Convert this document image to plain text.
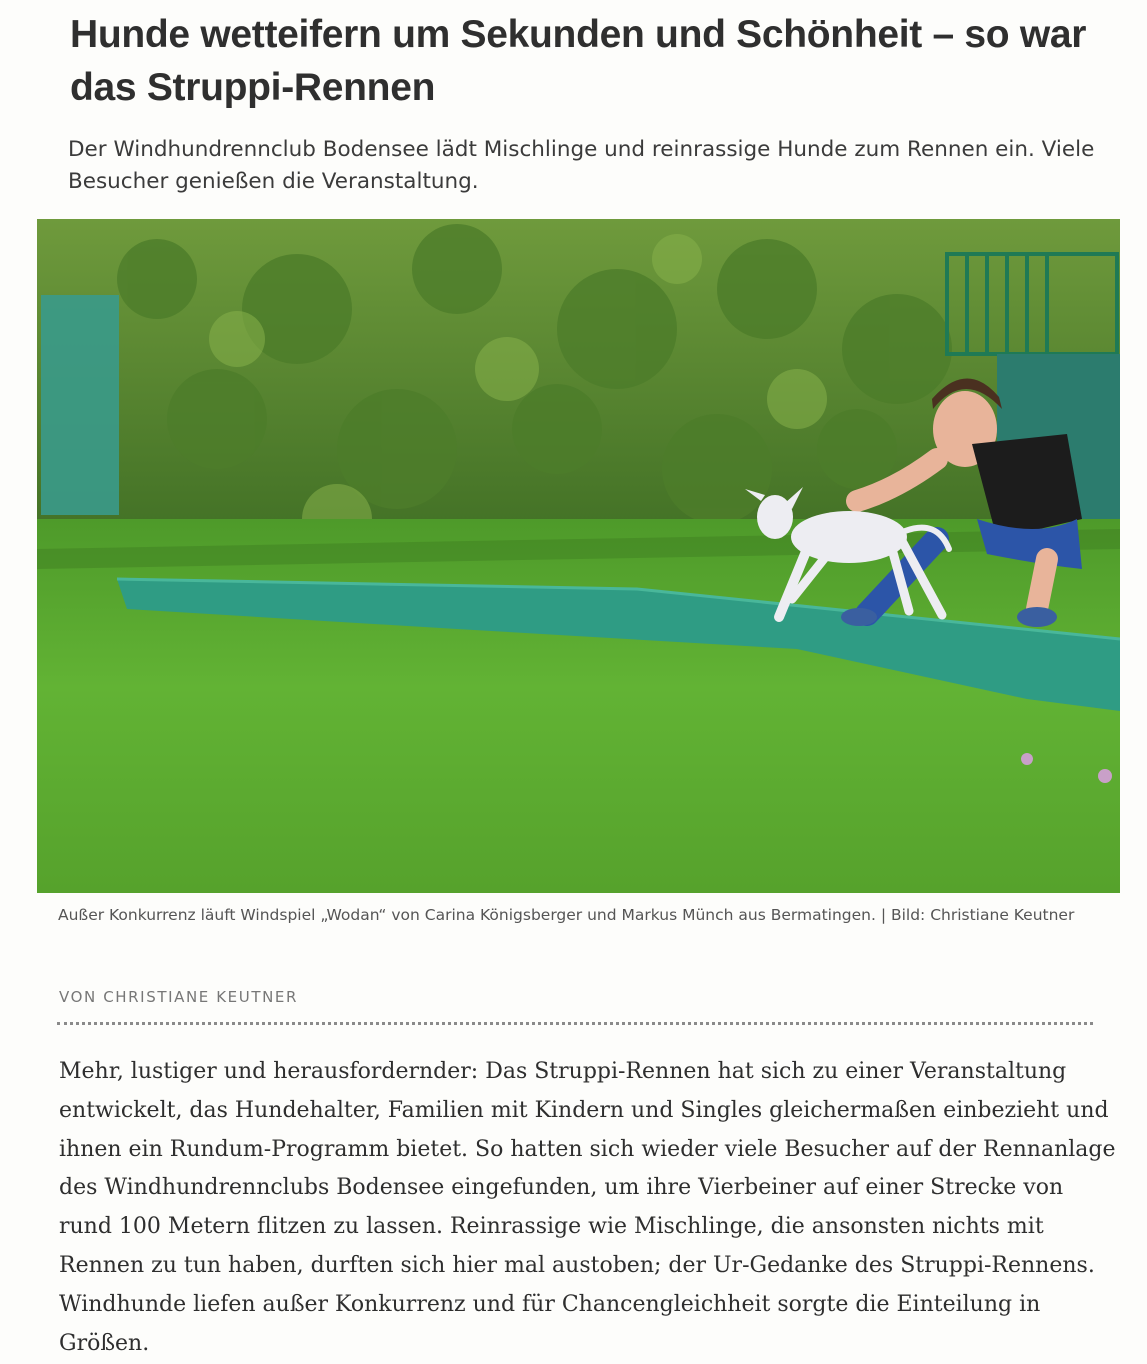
Hunde wetteifern um Sekunden und Schönheit – so war das Struppi-Rennen

Der Windhundrennclub Bodensee lädt Mischlinge und reinrassige Hunde zum Rennen ein. Viele Besucher genießen die Veranstaltung.

Außer Konkurrenz läuft Windspiel „Wodan“ von Carina Königsberger und Markus Münch aus Bermatingen. | Bild: Christiane Keutner

VON CHRISTIANE KEUTNER

Mehr, lustiger und herausfordernder: Das Struppi-Rennen hat sich zu einer Veranstaltung entwickelt, das Hundehalter, Familien mit Kindern und Singles gleichermaßen einbezieht und ihnen ein Rundum-Programm bietet. So hatten sich wieder viele Besucher auf der Rennanlage des Windhundrennclubs Bodensee eingefunden, um ihre Vierbeiner auf einer Strecke von rund 100 Metern flitzen zu lassen. Reinrassige wie Mischlinge, die ansonsten nichts mit Rennen zu tun haben, durften sich hier mal austoben; der Ur-Gedanke des Struppi-Rennens. Windhunde liefen außer Konkurrenz und für Chancengleichheit sorgte die Einteilung in Größen.
